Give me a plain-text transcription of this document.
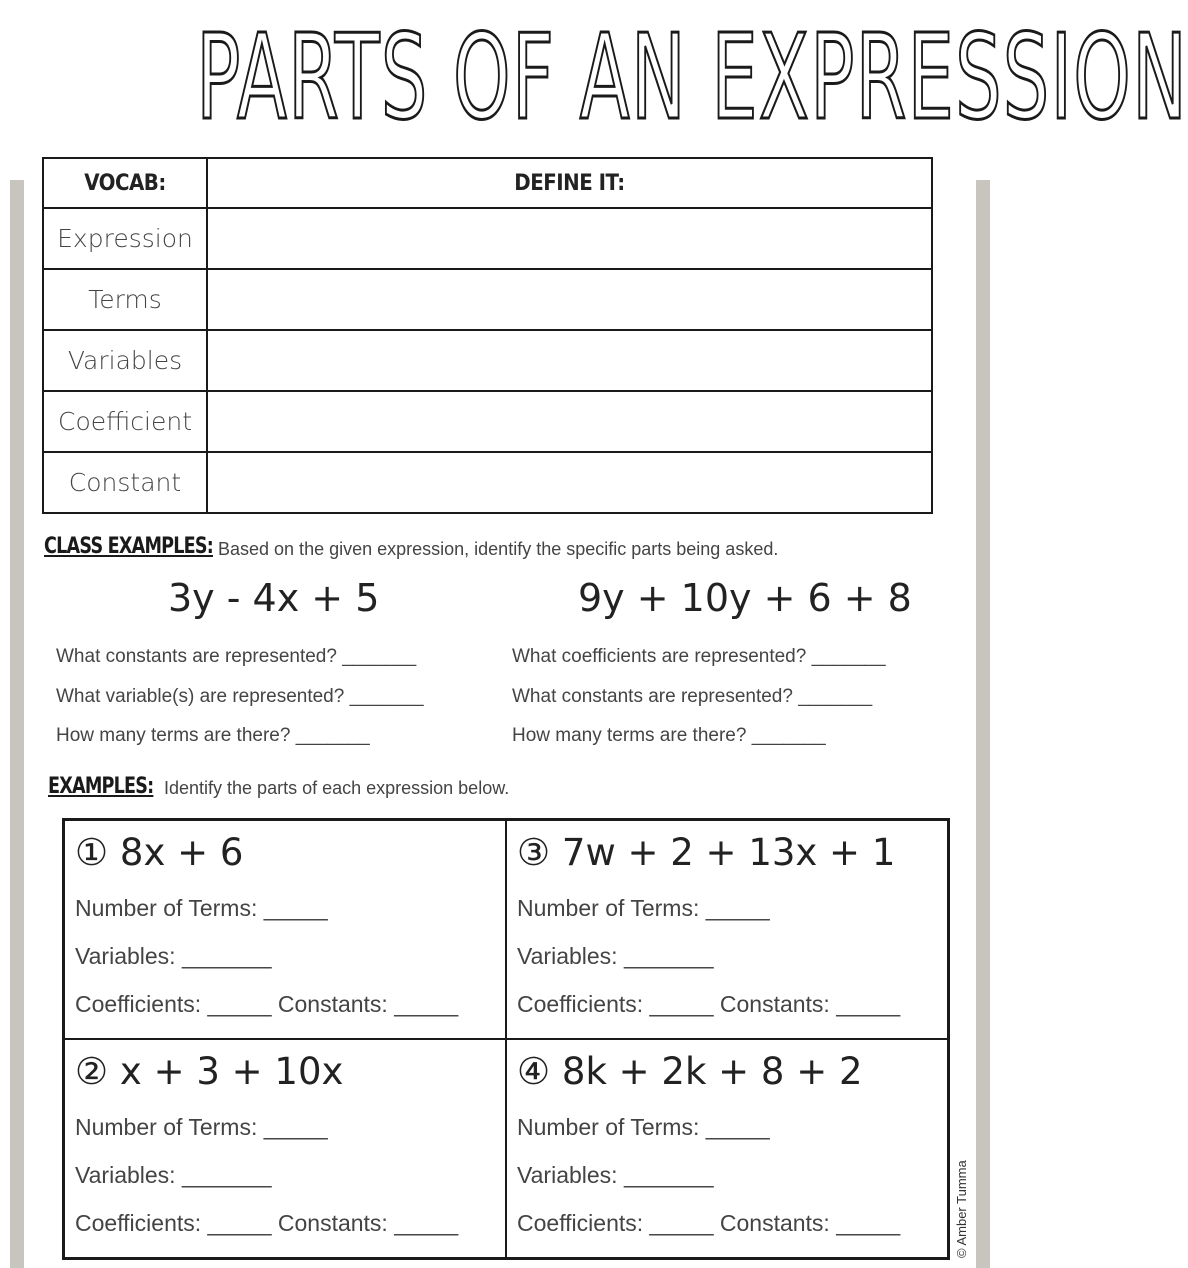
PARTS OF AN EXPRESSION
VOCAB:	DEFINE IT:
Expression	
Terms	
Variables	
Coefficient	
Constant	
CLASS EXAMPLES: Based on the given expression, identify the specific parts being asked.
3y - 4x + 5	9y + 10y + 6 + 8
What constants are represented? _______
What variable(s) are represented? _______
How many terms are there? _______
What coefficients are represented? _______
What constants are represented? _______
How many terms are there? _______
EXAMPLES: Identify the parts of each expression below.
① 8x + 6
Number of Terms: _____
Variables: _______
Coefficients: _____ Constants: _____
③ 7w + 2 + 13x + 1
Number of Terms: _____
Variables: _______
Coefficients: _____ Constants: _____
② x + 3 + 10x
Number of Terms: _____
Variables: _______
Coefficients: _____ Constants: _____
④ 8k + 2k + 8 + 2
Number of Terms: _____
Variables: _______
Coefficients: _____ Constants: _____	© Amber Tumma
